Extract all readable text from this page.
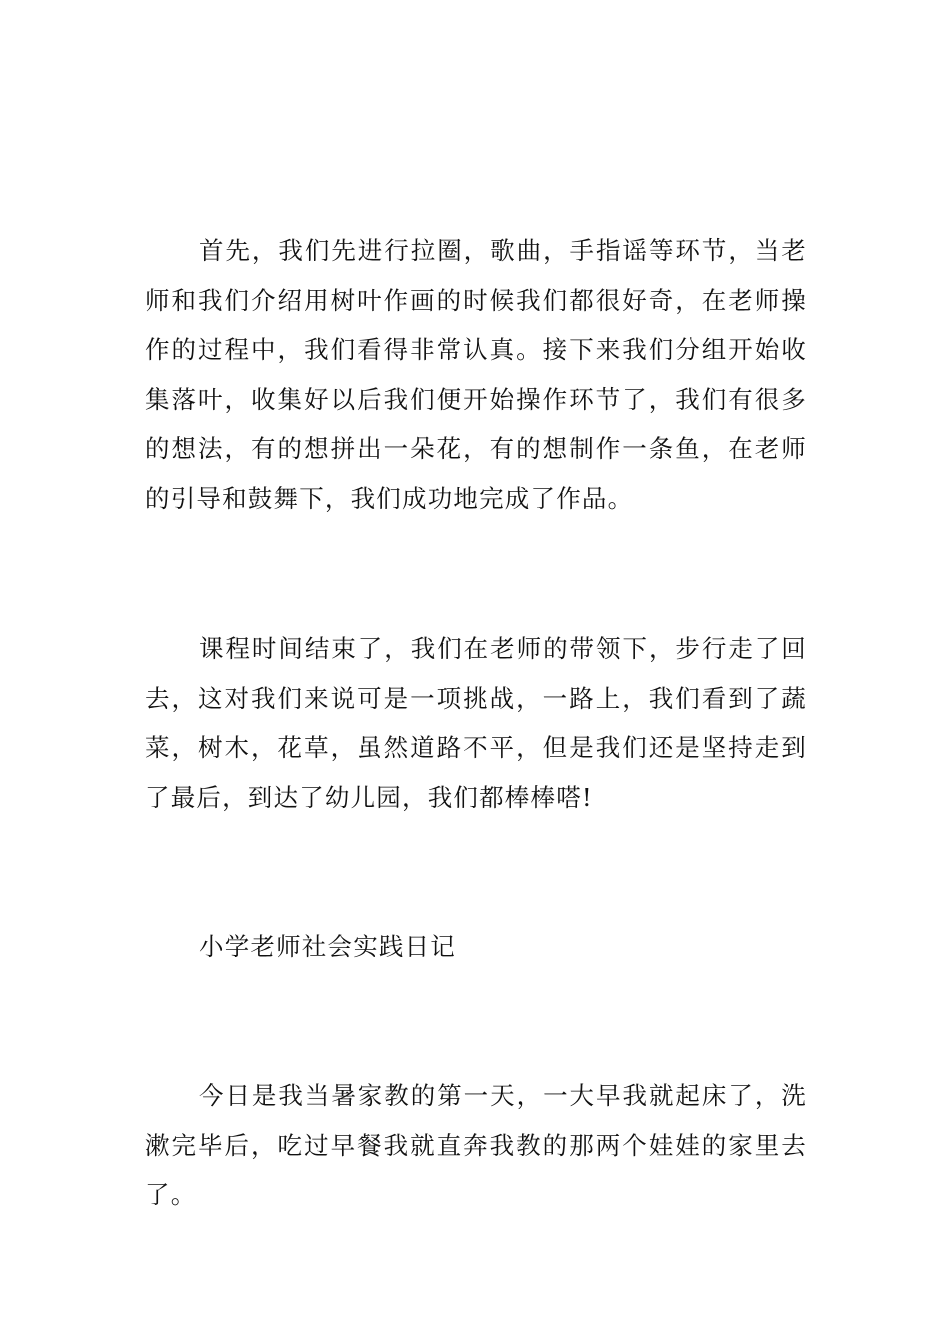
首先，我们先进行拉圈，歌曲，手指谣等环节，当老师和我们介绍用树叶作画的时候我们都很好奇，在老师操作的过程中，我们看得非常认真。接下来我们分组开始收集落叶，收集好以后我们便开始操作环节了，我们有很多的想法，有的想拼出一朵花，有的想制作一条鱼，在老师的引导和鼓舞下，我们成功地完成了作品。

课程时间结束了，我们在老师的带领下，步行走了回去，这对我们来说可是一项挑战，一路上，我们看到了蔬菜，树木，花草，虽然道路不平，但是我们还是坚持走到了最后，到达了幼儿园，我们都棒棒嗒!

小学老师社会实践日记

今日是我当暑家教的第一天，一大早我就起床了，洗漱完毕后，吃过早餐我就直奔我教的那两个娃娃的家里去了。
